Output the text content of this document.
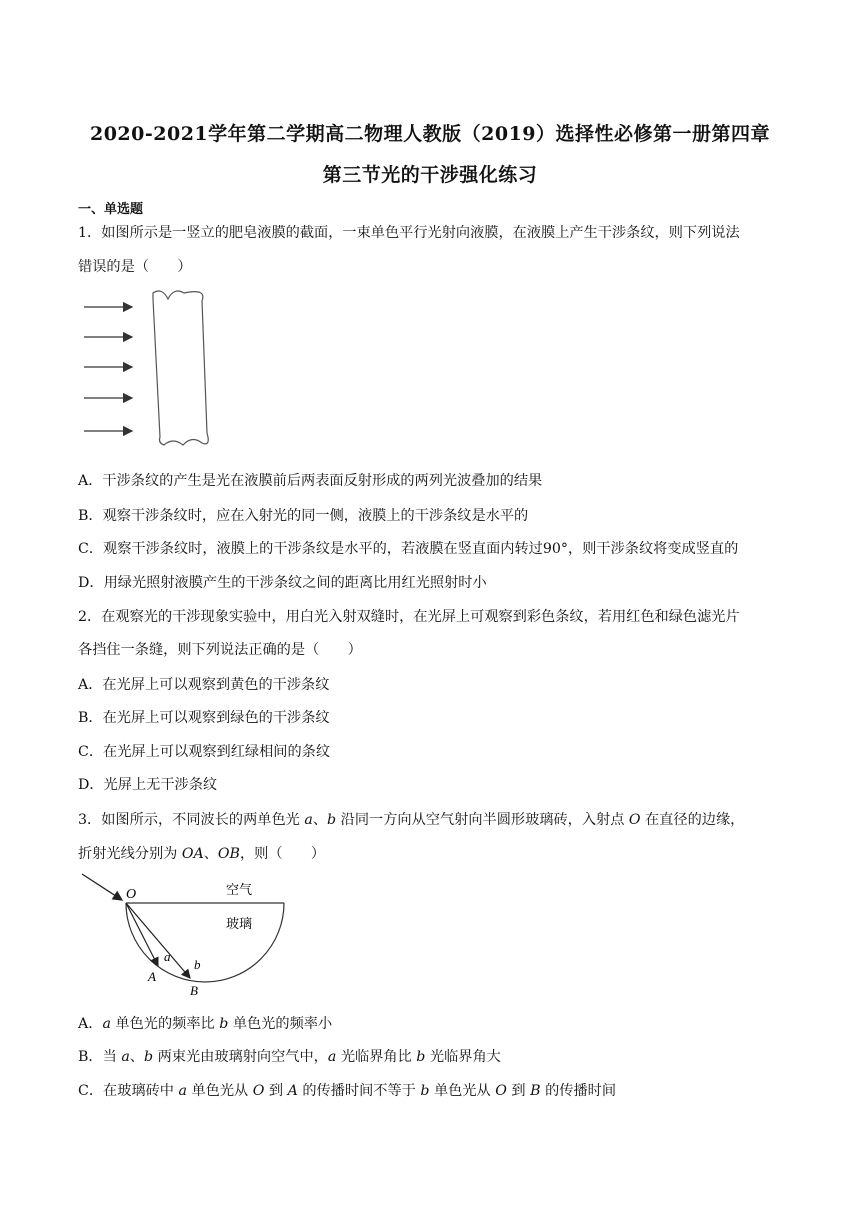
2020-2021学年第二学期高二物理人教版（2019）选择性必修第一册第四章
第三节光的干涉强化练习
一、单选题
1．如图所示是一竖立的肥皂液膜的截面，一束单色平行光射向液膜，在液膜上产生干涉条纹，则下列说法
错误的是（　　）
A．干涉条纹的产生是光在液膜前后两表面反射形成的两列光波叠加的结果
B．观察干涉条纹时，应在入射光的同一侧，液膜上的干涉条纹是水平的
C．观察干涉条纹时，液膜上的干涉条纹是水平的，若液膜在竖直面内转过90°，则干涉条纹将变成竖直的
D．用绿光照射液膜产生的干涉条纹之间的距离比用红光照射时小
2．在观察光的干涉现象实验中，用白光入射双缝时，在光屏上可观察到彩色条纹，若用红色和绿色滤光片
各挡住一条缝，则下列说法正确的是（　　）
A．在光屏上可以观察到黄色的干涉条纹
B．在光屏上可以观察到绿色的干涉条纹
C．在光屏上可以观察到红绿相间的条纹
D．光屏上无干涉条纹
3．如图所示，不同波长的两单色光 a、b 沿同一方向从空气射向半圆形玻璃砖，入射点 O 在直径的边缘，
折射光线分别为 OA、OB，则（　　）
O	空气
玻璃
a
b
A
B
A．a 单色光的频率比 b 单色光的频率小
B．当 a、b 两束光由玻璃射向空气中，a 光临界角比 b 光临界角大
C．在玻璃砖中 a 单色光从 O 到 A 的传播时间不等于 b 单色光从 O 到 B 的传播时间
